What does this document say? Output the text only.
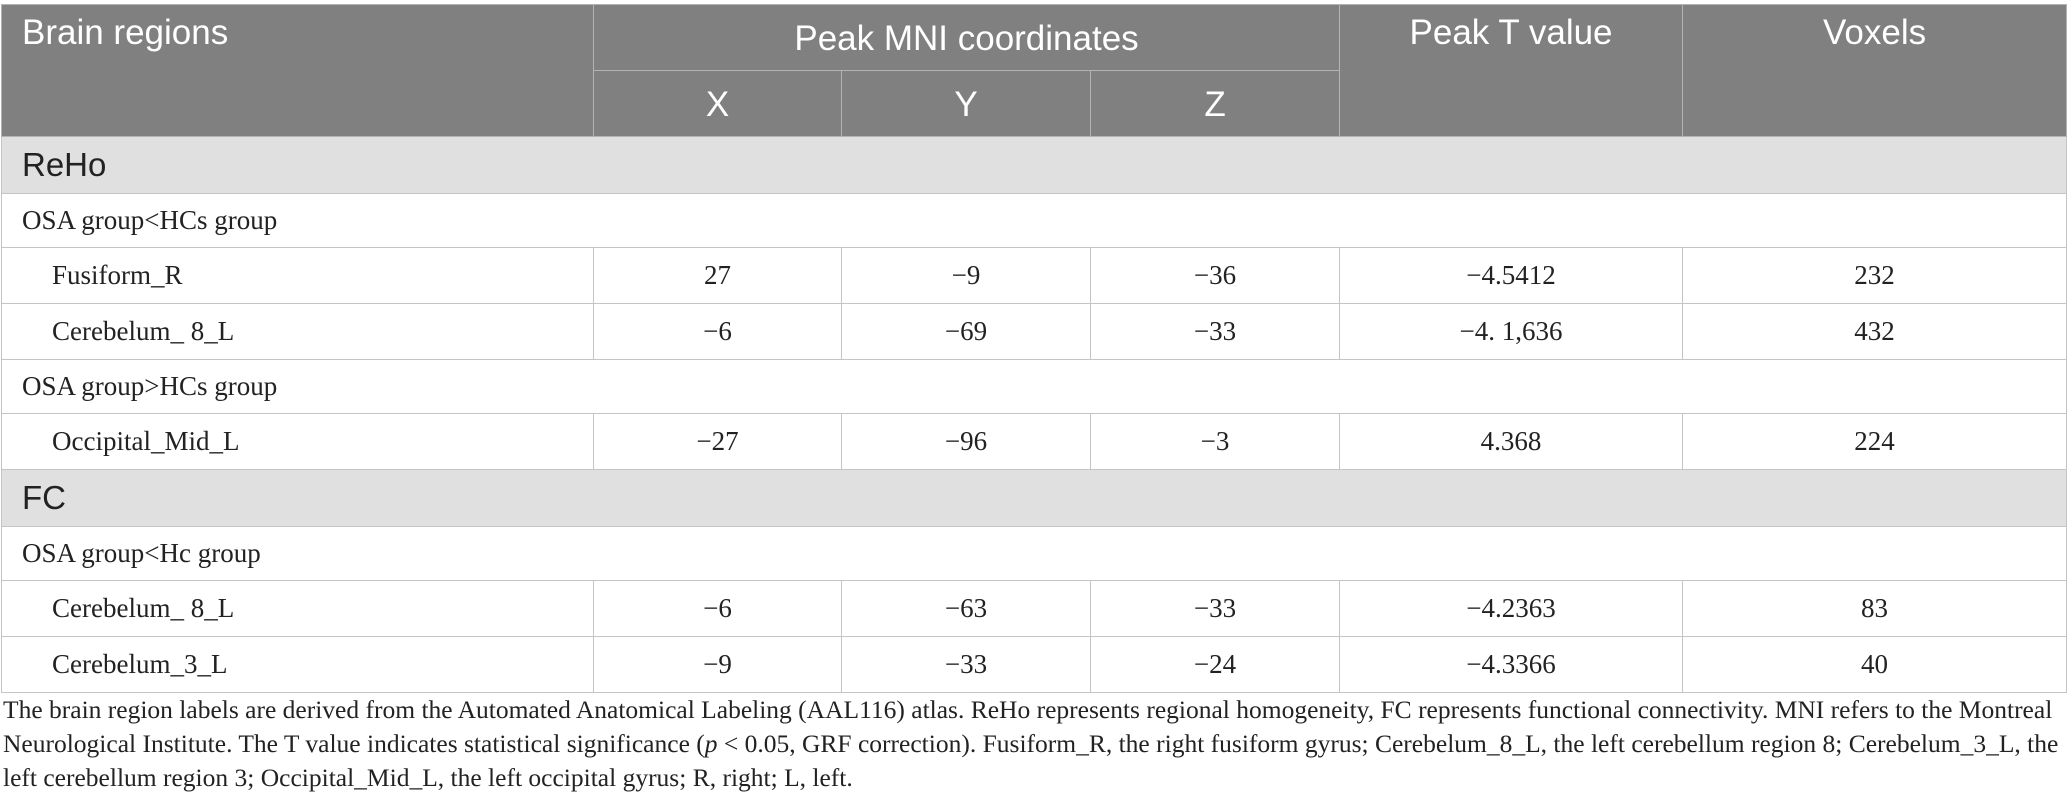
Brain regions	Peak MNI coordinates			Peak T value	Voxels
	X	Y	Z		
ReHo					
OSA group<HCs group					
Fusiform_R	27	−9	−36	−4.5412	232
Cerebelum_ 8_L	−6	−69	−33	−4. 1,636	432
OSA group>HCs group					
Occipital_Mid_L	−27	−96	−3	4.368	224
FC					
OSA group<Hc group					
Cerebelum_ 8_L	−6	−63	−33	−4.2363	83
Cerebelum_3_L	−9	−33	−24	−4.3366	40
The brain region labels are derived from the Automated Anatomical Labeling (AAL116) atlas. ReHo represents regional homogeneity, FC represents functional connectivity. MNI refers to the Montreal Neurological Institute. The T value indicates statistical significance (p < 0.05, GRF correction). Fusiform_R, the right fusiform gyrus; Cerebelum_8_L, the left cerebellum region 8; Cerebelum_3_L, the left cerebellum region 3; Occipital_Mid_L, the left occipital gyrus; R, right; L, left.
